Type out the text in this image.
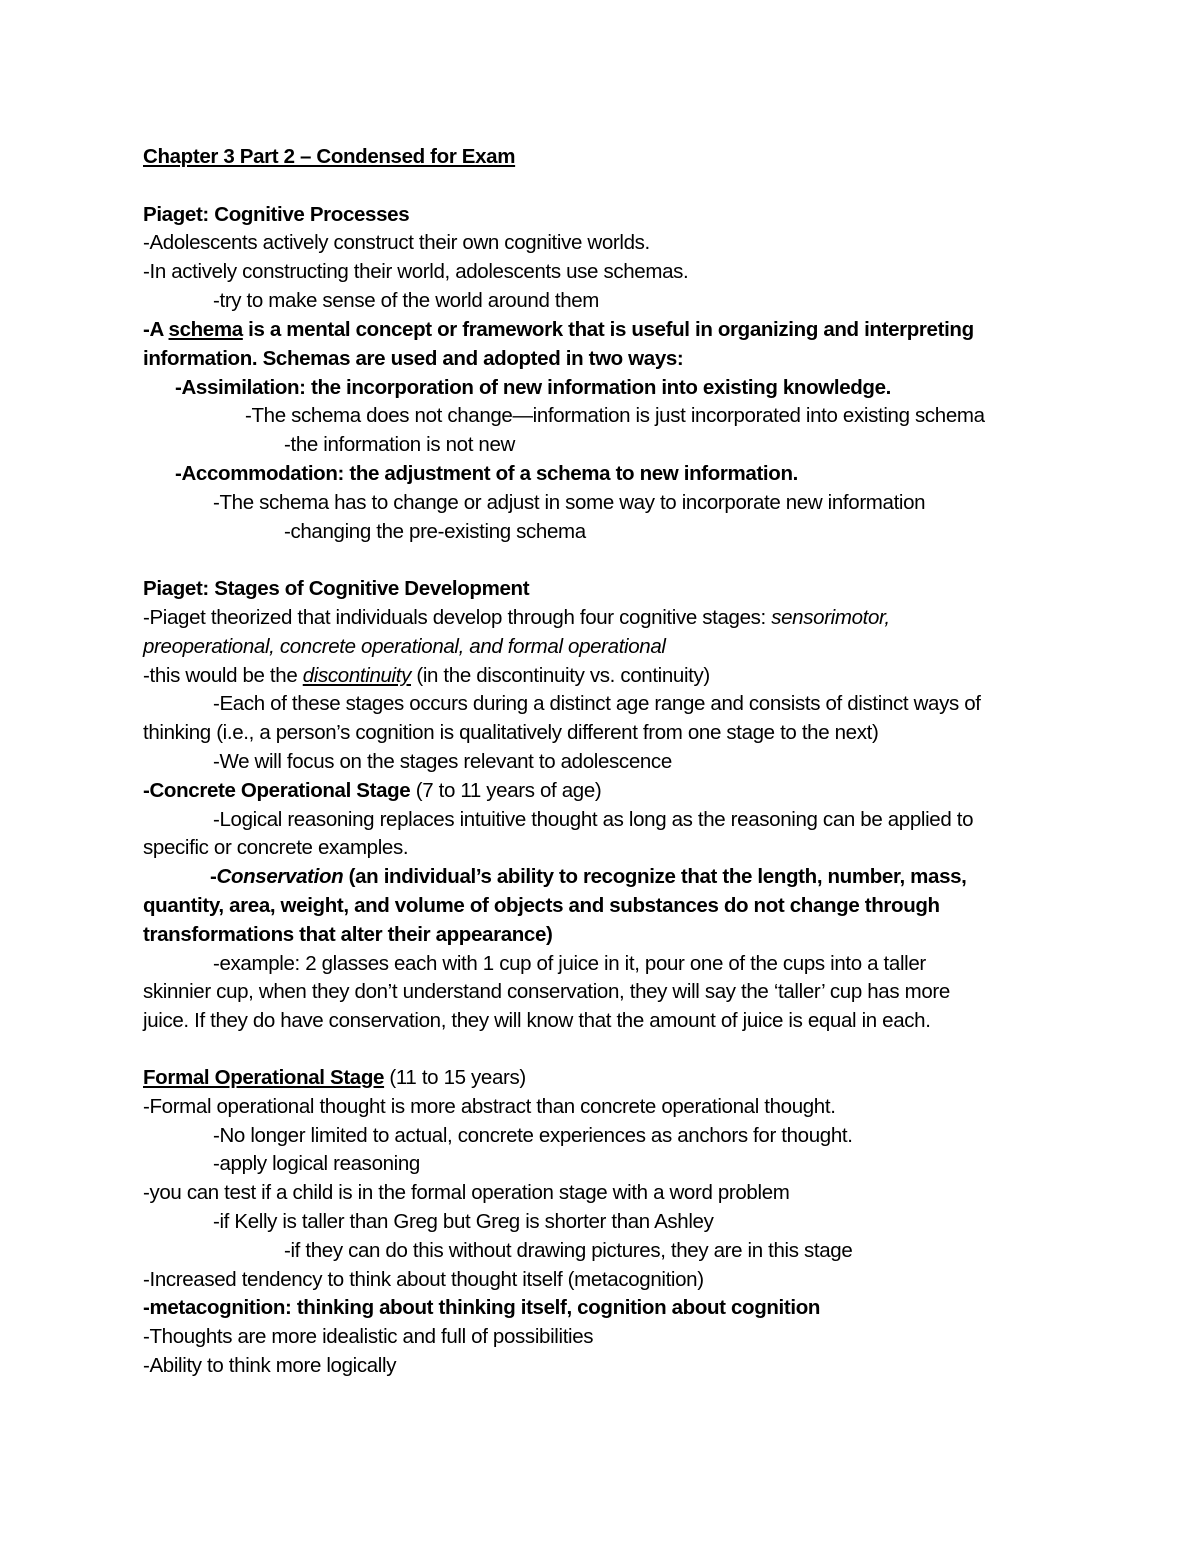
Chapter 3 Part 2 – Condensed for Exam
Piaget: Cognitive Processes
-Adolescents actively construct their own cognitive worlds.
-In actively constructing their world, adolescents use schemas.
-try to make sense of the world around them
-A schema is a mental concept or framework that is useful in organizing and interpreting
information. Schemas are used and adopted in two ways:
-Assimilation: the incorporation of new information into existing knowledge.
-The schema does not change—information is just incorporated into existing schema
-the information is not new
-Accommodation: the adjustment of a schema to new information.
-The schema has to change or adjust in some way to incorporate new information
-changing the pre-existing schema
Piaget: Stages of Cognitive Development
-Piaget theorized that individuals develop through four cognitive stages: sensorimotor,
preoperational, concrete operational, and formal operational
-this would be the discontinuity (in the discontinuity vs. continuity)
-Each of these stages occurs during a distinct age range and consists of distinct ways of
thinking (i.e., a person’s cognition is qualitatively different from one stage to the next)
-We will focus on the stages relevant to adolescence
-Concrete Operational Stage (7 to 11 years of age)
-Logical reasoning replaces intuitive thought as long as the reasoning can be applied to
specific or concrete examples.
-Conservation (an individual’s ability to recognize that the length, number, mass,
quantity, area, weight, and volume of objects and substances do not change through
transformations that alter their appearance)
-example: 2 glasses each with 1 cup of juice in it, pour one of the cups into a taller
skinnier cup, when they don’t understand conservation, they will say the ‘taller’ cup has more
juice. If they do have conservation, they will know that the amount of juice is equal in each.
Formal Operational Stage (11 to 15 years)
-Formal operational thought is more abstract than concrete operational thought.
-No longer limited to actual, concrete experiences as anchors for thought.
-apply logical reasoning
-you can test if a child is in the formal operation stage with a word problem
-if Kelly is taller than Greg but Greg is shorter than Ashley
-if they can do this without drawing pictures, they are in this stage
-Increased tendency to think about thought itself (metacognition)
-metacognition: thinking about thinking itself, cognition about cognition
-Thoughts are more idealistic and full of possibilities
-Ability to think more logically
